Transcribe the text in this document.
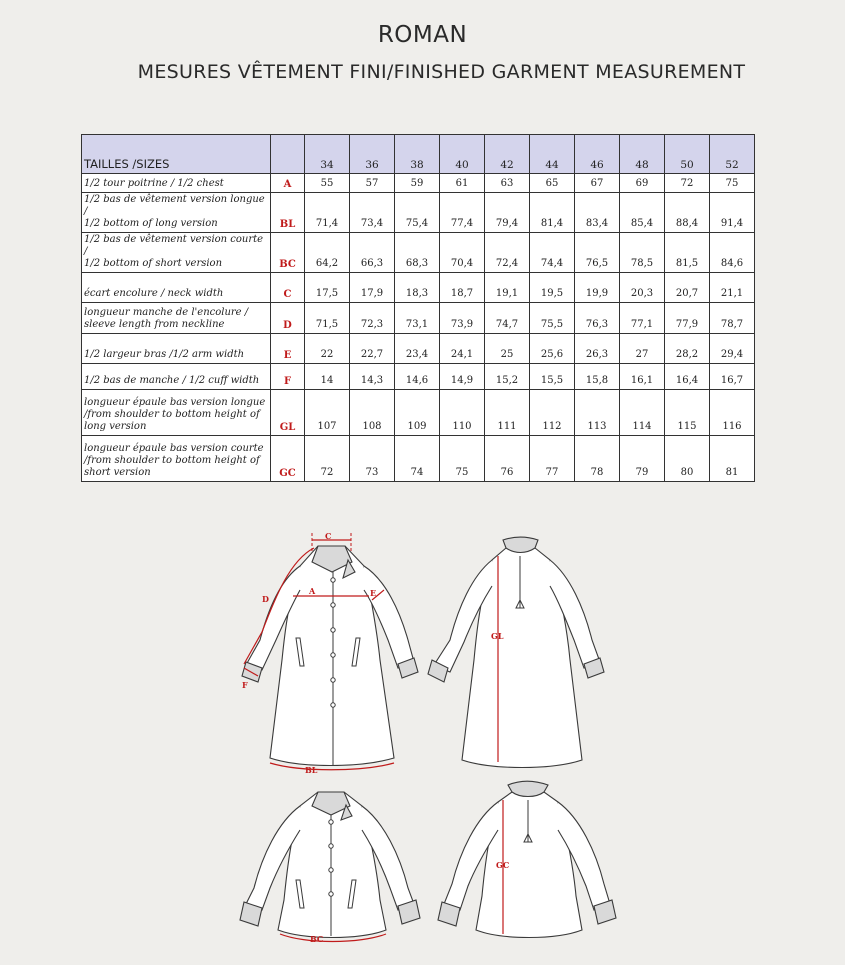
ROMAN
MESURES VÊTEMENT FINI/FINISHED GARMENT MEASUREMENT
TAILLES /SIZES		34	36	38	40	42	44	46	48	50	52

1/2 tour poitrine / 1/2 chest	A	55	57	59	61	63	65	67	69	72	75

1/2 bas de vêtement version longue /
1/2 bottom of long version	BL	71,4	73,4	75,4	77,4	79,4	81,4	83,4	85,4	88,4	91,4

1/2 bas de vêtement version courte /
1/2 bottom of short version	BC	64,2	66,3	68,3	70,4	72,4	74,4	76,5	78,5	81,5	84,6

écart encolure / neck width	C	17,5	17,9	18,3	18,7	19,1	19,5	19,9	20,3	20,7	21,1

longueur manche de l'encolure /
sleeve length from neckline	D	71,5	72,3	73,1	73,9	74,7	75,5	76,3	77,1	77,9	78,7

1/2 largeur bras /1/2 arm width	E	22	22,7	23,4	24,1	25	25,6	26,3	27	28,2	29,4

1/2 bas de manche / 1/2 cuff width	F	14	14,3	14,6	14,9	15,2	15,5	15,8	16,1	16,4	16,7

longueur épaule bas version longue
/from shoulder to bottom height of
long version	GL	107	108	109	110	111	112	113	114	115	116

longueur épaule bas version courte
/from shoulder to bottom height of
short version	GC	72	73	74	75	76	77	78	79	80	81
C
A	E
D
F
BL
GL
BC
GC
